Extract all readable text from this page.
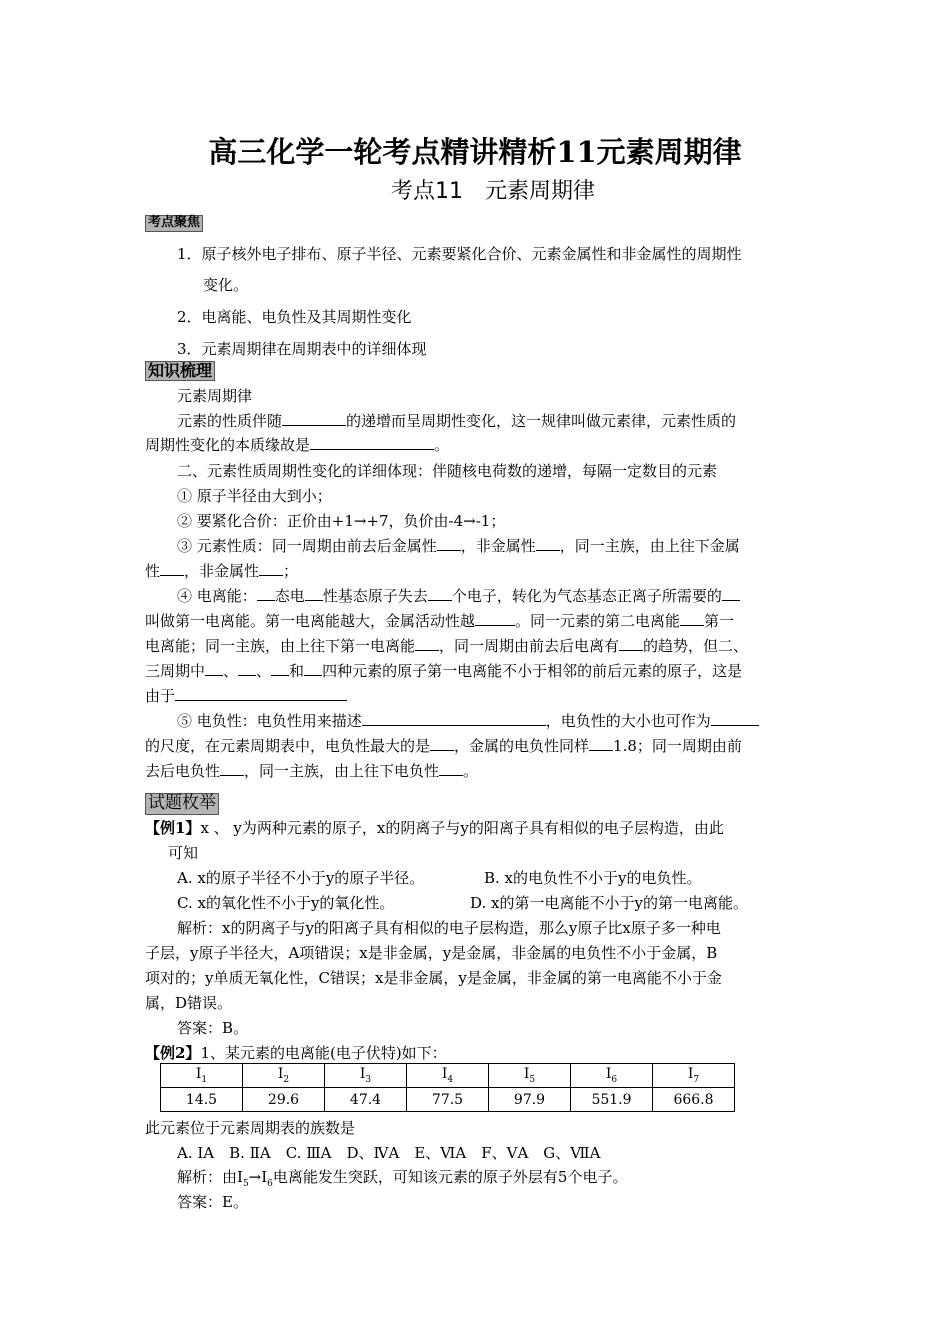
高三化学一轮考点精讲精析11元素周期律
考点11　元素周期律
考点聚焦
1．原子核外电子排布、原子半径、元素要紧化合价、元素金属性和非金属性的周期性
变化。
2．电离能、电负性及其周期性变化
3．元素周期律在周期表中的详细体现
知识梳理
元素周期律
元素的性质伴随	的递增而呈周期性变化，这一规律叫做元素律，元素性质的
周期性变化的本质缘故是	。
二、元素性质周期性变化的详细体现：伴随核电荷数的递增，每隔一定数目的元素
① 原子半径由大到小；
② 要紧化合价：正价由+1→+7，负价由-4→-1；
③ 元素性质：同一周期由前去后金属性 ，非金属性 ，同一主族，由上往下金属
性 ，非金属性 ；
④ 电离能： 态电 性基态原子失去 个电子，转化为气态基态正离子所需要的
叫做第一电离能。第一电离能越大，金属活动性越	。同一元素的第二电离能 第一
电离能；同一主族，由上往下第一电离能 ，同一周期由前去后电离有 的趋势，但二、
三周期中 、 、 和 四种元素的原子第一电离能不小于相邻的前后元素的原子，这是
由于
⑤ 电负性：电负性用来描述	，电负性的大小也可作为
的尺度，在元素周期表中，电负性最大的是 ，金属的电负性同样 1.8；同一周期由前
去后电负性 ，同一主族，由上往下电负性 。
试题枚举
【例1】x 、 y为两种元素的原子，x的阴离子与y的阳离子具有相似的电子层构造，由此
可知
A. x的原子半径不小于y的原子半径。	B. x的电负性不小于y的电负性。
C. x的氧化性不小于y的氧化性。	D. x的第一电离能不小于y的第一电离能。
解析：x的阴离子与y的阳离子具有相似的电子层构造，那么y原子比x原子多一种电
子层，y原子半径大，A项错误；x是非金属，y是金属，非金属的电负性不小于金属，B
项对的；y单质无氧化性，C错误；x是非金属，y是金属，非金属的第一电离能不小于金
属，D错误。
答案：B。
【例2】1、某元素的电离能(电子伏特)如下：
$I_1$	$I_2$	$I_3$	$I_4$	$I_5$	$I_6$	$I_7$
14.5	29.6	47.4	77.5	97.9	551.9	666.8
此元素位于元素周期表的族数是
A. IA　B. ⅡA　C. ⅢA　D、ⅣA　E、ⅥA　F、ⅤA　G、ⅦA
解析：由$I_5\to I_6$电离能发生突跃，可知该元素的原子外层有5个电子。
答案：E。
